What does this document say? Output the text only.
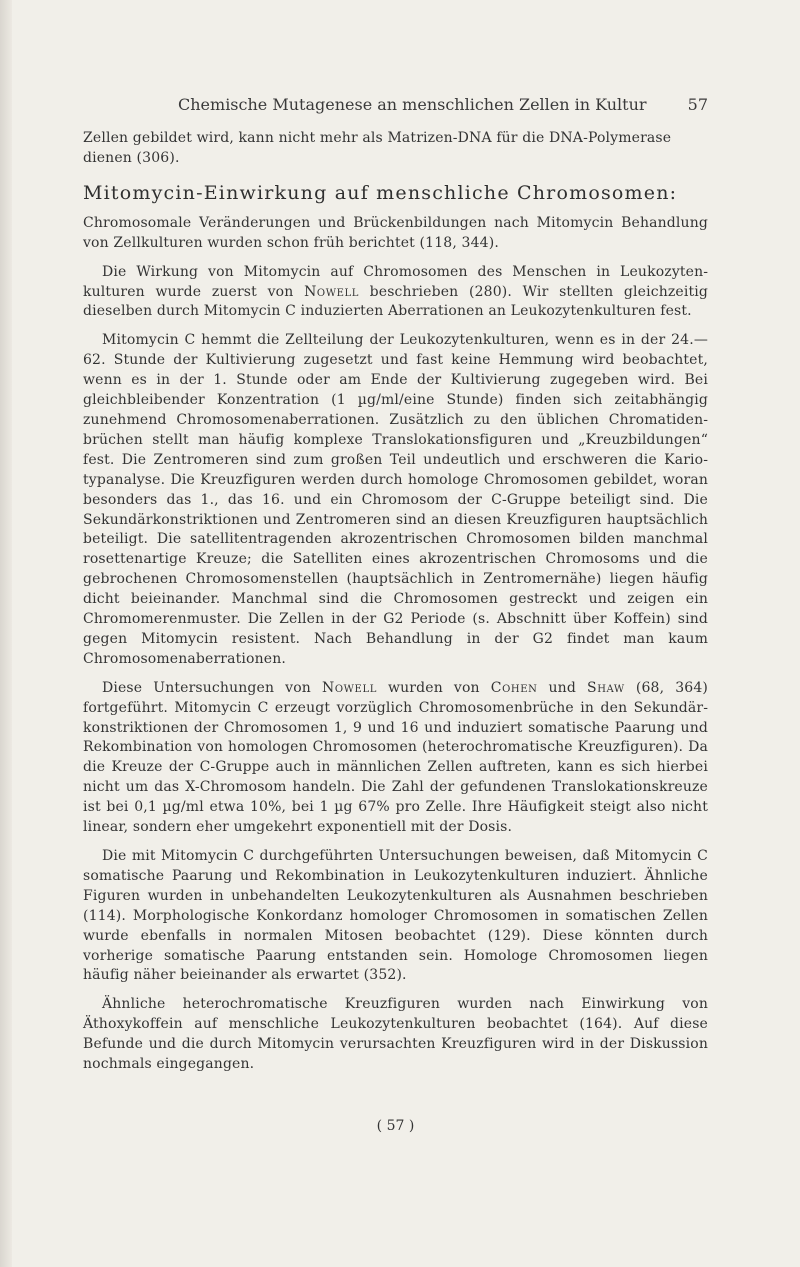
Chemische Mutagenese an menschlichen Zellen in Kultur	57

Zellen gebildet wird, kann nicht mehr als Matrizen-DNA für die DNA-Polymerase
dienen (306).

Mitomycin-Einwirkung auf menschliche Chromosomen:

Chromosomale Veränderungen und Brückenbildungen nach Mitomycin Behandlung von Zellkulturen wurden schon früh berichtet (118, 344).

Die Wirkung von Mitomycin auf Chromosomen des Menschen in Leukozytenkulturen wurde zuerst von Nowell beschrieben (280). Wir stellten gleichzeitig dieselben durch Mitomycin C induzierten Aberrationen an Leukozytenkulturen fest.

Mitomycin C hemmt die Zellteilung der Leukozytenkulturen, wenn es in der 24.—62. Stunde der Kultivierung zugesetzt und fast keine Hemmung wird beobachtet, wenn es in der 1. Stunde oder am Ende der Kultivierung zugegeben wird. Bei gleichbleibender Konzentration (1 µg/ml/eine Stunde) finden sich zeitabhängig zunehmend Chromosomenaberrationen. Zusätzlich zu den üblichen Chromatidenbrüchen stellt man häufig komplexe Translokationsfiguren und „Kreuzbildungen“ fest. Die Zentromeren sind zum großen Teil undeutlich und erschweren die Kariotypanalyse. Die Kreuzfiguren werden durch homologe Chromosomen gebildet, woran besonders das 1., das 16. und ein Chromosom der C-Gruppe beteiligt sind. Die Sekundärkonstriktionen und Zentromeren sind an diesen Kreuzfiguren hauptsächlich beteiligt. Die satellitentragenden akrozentrischen Chromosomen bilden manchmal rosettenartige Kreuze; die Satelliten eines akrozentrischen Chromosoms und die gebrochenen Chromosomenstellen (hauptsächlich in Zentromernähe) liegen häufig dicht beieinander. Manchmal sind die Chromosomen gestreckt und zeigen ein Chromomerenmuster. Die Zellen in der G2 Periode (s. Abschnitt über Koffein) sind gegen Mitomycin resistent. Nach Behandlung in der G2 findet man kaum Chromosomenaberrationen.

Diese Untersuchungen von Nowell wurden von Cohen und Shaw (68, 364) fortgeführt. Mitomycin C erzeugt vorzüglich Chromosomenbrüche in den Sekundärkonstriktionen der Chromosomen 1, 9 und 16 und induziert somatische Paarung und Rekombination von homologen Chromosomen (heterochromatische Kreuzfiguren). Da die Kreuze der C-Gruppe auch in männlichen Zellen auftreten, kann es sich hierbei nicht um das X-Chromosom handeln. Die Zahl der gefundenen Translokationskreuze ist bei 0,1 µg/ml etwa 10%, bei 1 µg 67% pro Zelle. Ihre Häufigkeit steigt also nicht linear, sondern eher umgekehrt exponentiell mit der Dosis.

Die mit Mitomycin C durchgeführten Untersuchungen beweisen, daß Mitomycin C somatische Paarung und Rekombination in Leukozytenkulturen induziert. Ähnliche Figuren wurden in unbehandelten Leukozytenkulturen als Ausnahmen beschrieben (114). Morphologische Konkordanz homologer Chromosomen in somatischen Zellen wurde ebenfalls in normalen Mitosen beobachtet (129). Diese könnten durch vorherige somatische Paarung entstanden sein. Homologe Chromosomen liegen häufig näher beieinander als erwartet (352).

Ähnliche heterochromatische Kreuzfiguren wurden nach Einwirkung von Äthoxykoffein auf menschliche Leukozytenkulturen beobachtet (164). Auf diese Befunde und die durch Mitomycin verursachten Kreuzfiguren wird in der Diskussion nochmals eingegangen.

( 57 )
